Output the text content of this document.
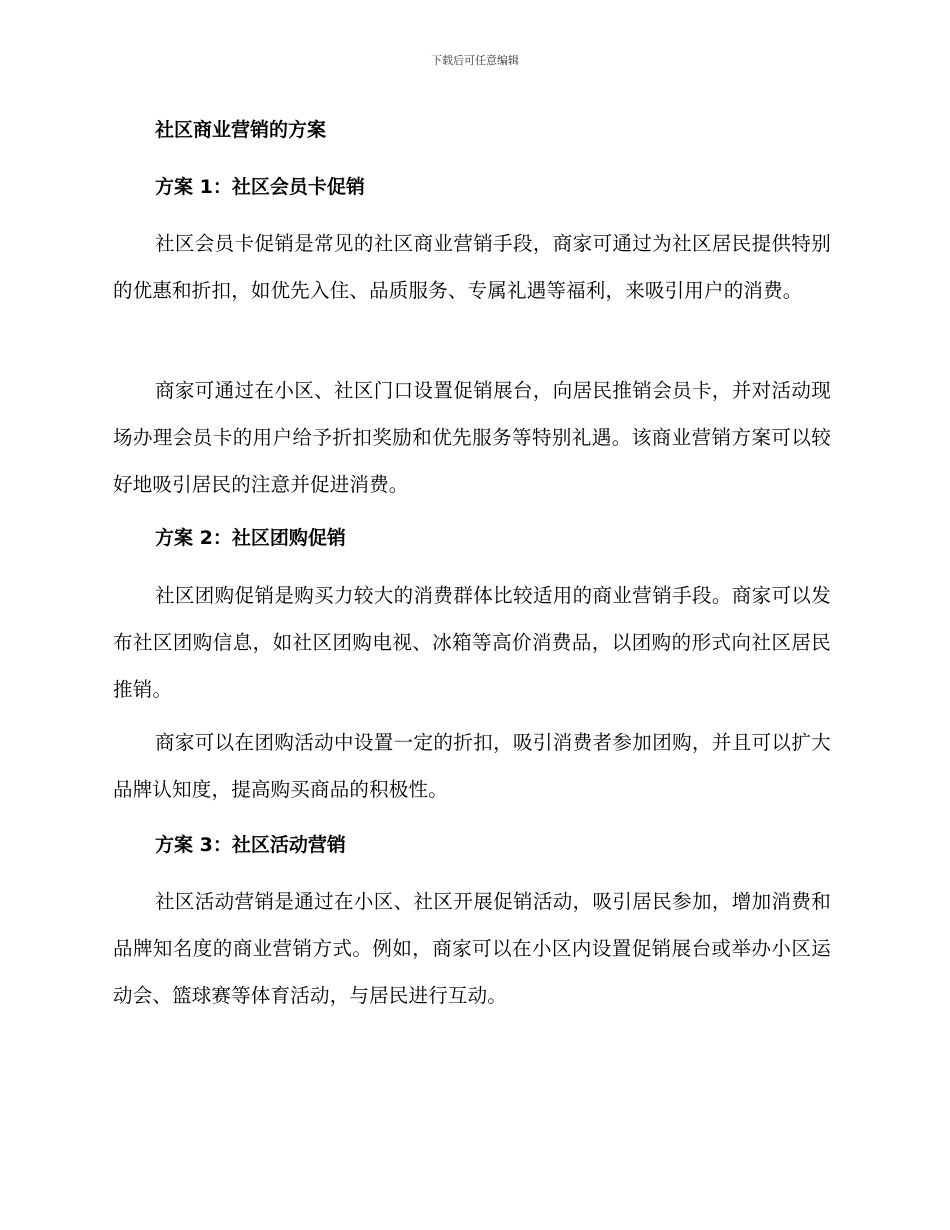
下载后可任意编辑
社区商业营销的方案
方案 1：社区会员卡促销
社区会员卡促销是常见的社区商业营销手段，商家可通过为社区居民提供特别的优惠和折扣，如优先入住、品质服务、专属礼遇等福利，来吸引用户的消费。
商家可通过在小区、社区门口设置促销展台，向居民推销会员卡，并对活动现场办理会员卡的用户给予折扣奖励和优先服务等特别礼遇。该商业营销方案可以较好地吸引居民的注意并促进消费。
方案 2：社区团购促销
社区团购促销是购买力较大的消费群体比较适用的商业营销手段。商家可以发布社区团购信息，如社区团购电视、冰箱等高价消费品，以团购的形式向社区居民推销。
商家可以在团购活动中设置一定的折扣，吸引消费者参加团购，并且可以扩大品牌认知度，提高购买商品的积极性。
方案 3：社区活动营销
社区活动营销是通过在小区、社区开展促销活动，吸引居民参加，增加消费和品牌知名度的商业营销方式。例如，商家可以在小区内设置促销展台或举办小区运动会、篮球赛等体育活动，与居民进行互动。
